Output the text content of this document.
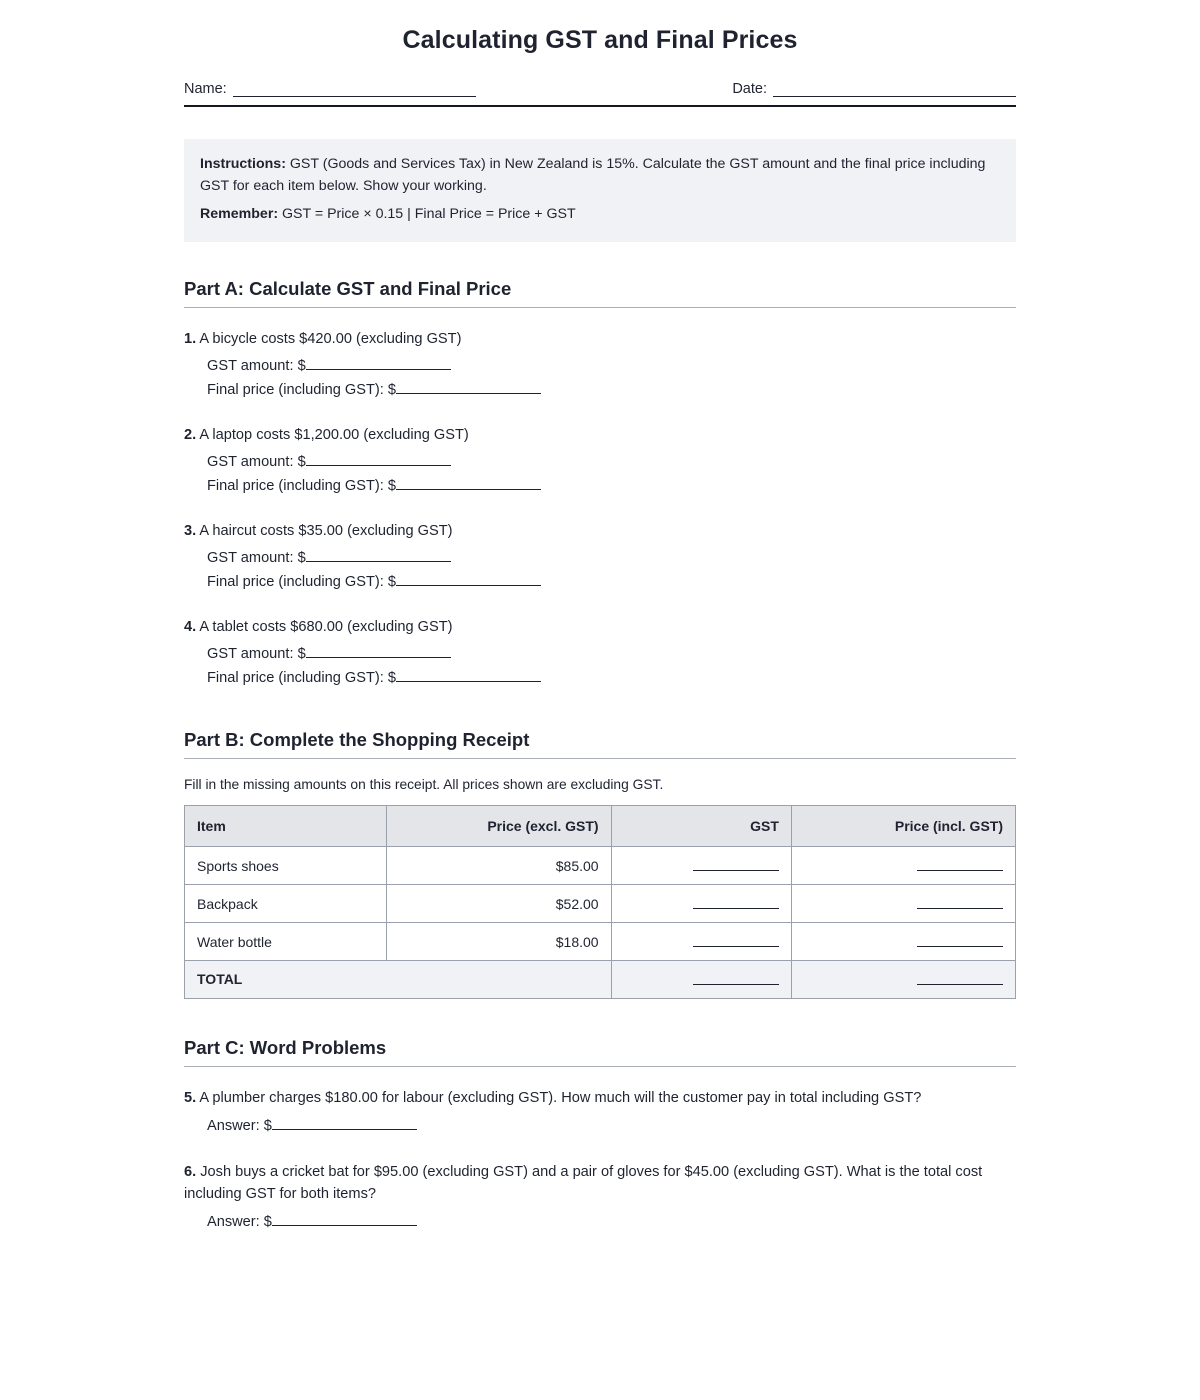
Calculating GST and Final Prices
Name:	Date:

Instructions: GST (Goods and Services Tax) in New Zealand is 15%. Calculate the GST amount and the final price including GST for each item below. Show your working.

Remember: GST = Price × 0.15 | Final Price = Price + GST

Part A: Calculate GST and Final Price

1. A bicycle costs $420.00 (excluding GST)

GST amount: $
Final price (including GST): $

2. A laptop costs $1,200.00 (excluding GST)

GST amount: $
Final price (including GST): $

3. A haircut costs $35.00 (excluding GST)

GST amount: $
Final price (including GST): $

4. A tablet costs $680.00 (excluding GST)

GST amount: $
Final price (including GST): $
Part B: Complete the Shopping Receipt

Fill in the missing amounts on this receipt. All prices shown are excluding GST.

Item	Price (excl. GST)	GST	Price (incl. GST)
Sports shoes	$85.00		
Backpack	$52.00		
Water bottle	$18.00		
TOTAL			
Part C: Word Problems

5. A plumber charges $180.00 for labour (excluding GST). How much will the customer pay in total including GST?

Answer: $

6. Josh buys a cricket bat for $95.00 (excluding GST) and a pair of gloves for $45.00 (excluding GST). What is the total cost including GST for both items?

Answer: $
